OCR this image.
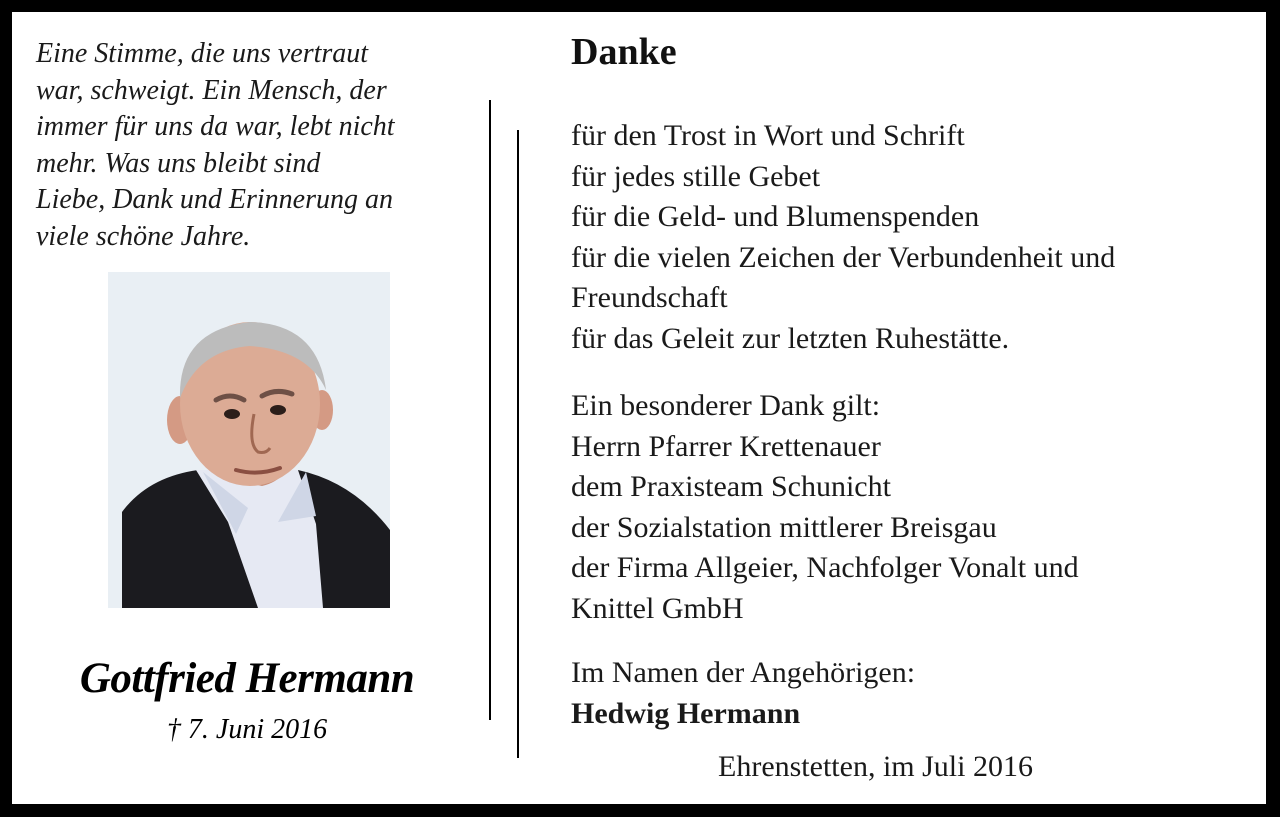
Eine Stimme, die uns vertraut
war, schweigt. Ein Mensch, der
immer für uns da war, lebt nicht
mehr. Was uns bleibt sind
Liebe, Dank und Erinnerung an
viele schöne Jahre.
Gottfried Hermann
† 7. Juni 2016
Danke
für den Trost in Wort und Schrift
für jedes stille Gebet
für die Geld- und Blumenspenden
für die vielen Zeichen der Verbundenheit und
Freundschaft
für das Geleit zur letzten Ruhestätte.
Ein besonderer Dank gilt:
Herrn Pfarrer Krettenauer
dem Praxisteam Schunicht
der Sozialstation mittlerer Breisgau
der Firma Allgeier, Nachfolger Vonalt und
Knittel GmbH
Im Namen der Angehörigen:
Hedwig Hermann
Ehrenstetten, im Juli 2016
